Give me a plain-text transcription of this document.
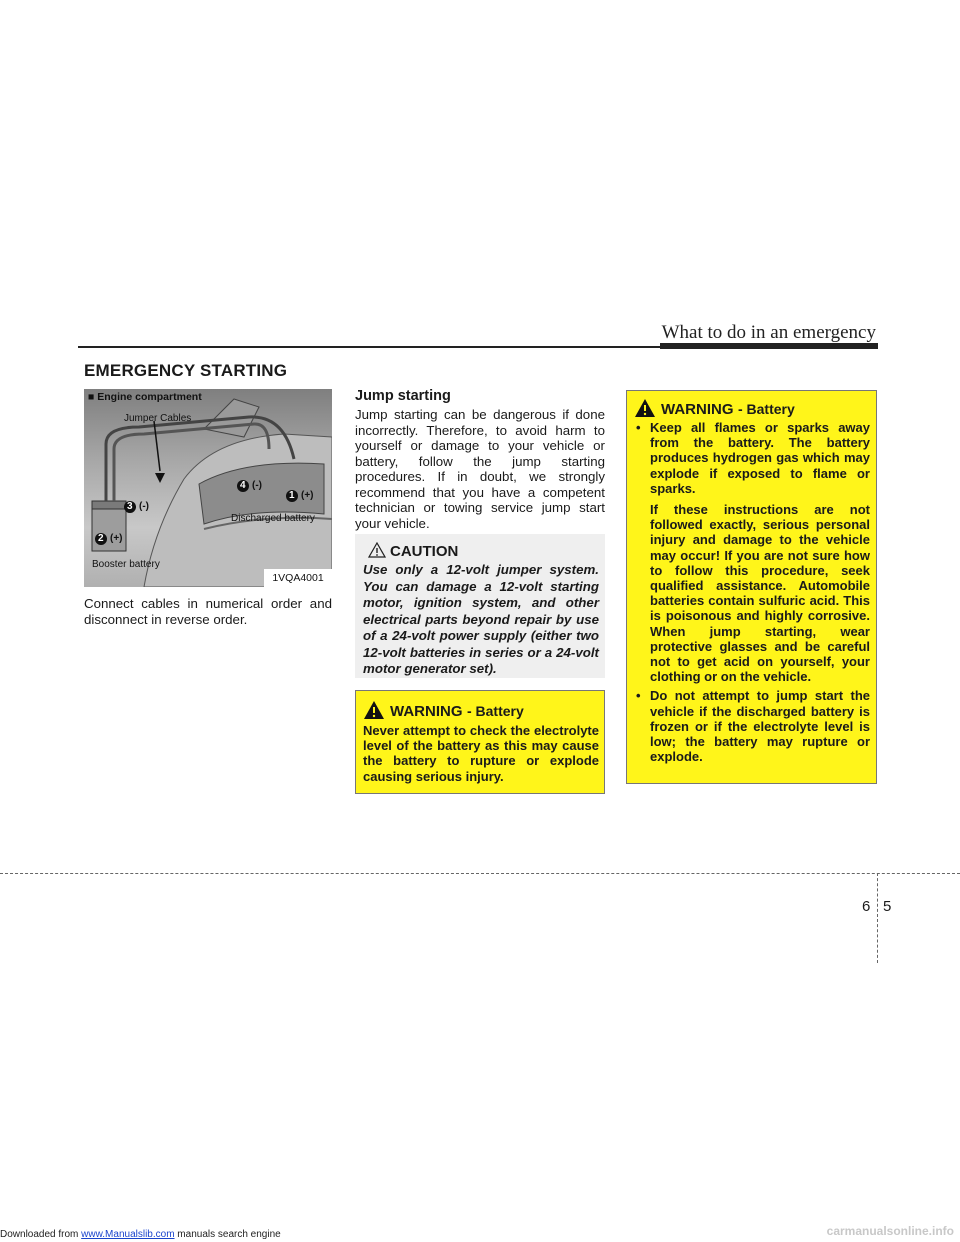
What to do in an emergency
EMERGENCY STARTING
■ Engine compartment
Jumper Cables
Discharged battery
Booster battery
1 (+)
2 (+)
3 (-)
4 (-)
1VQA4001
Connect cables in numerical order and disconnect in reverse order.
Jump starting
Jump starting can be dangerous if done incorrectly. Therefore, to avoid harm to yourself or damage to your vehicle or battery, follow the jump starting procedures. If in doubt, we strongly recommend that you have a competent technician or towing service jump start your vehicle.
CAUTION
Use only a 12-volt jumper system. You can damage a 12-volt starting motor, ignition system, and other electrical parts beyond repair by use of a 24-volt power supply (either two 12-volt batteries in series or a 24-volt motor generator set).
WARNING - Battery
Never attempt to check the electrolyte level of the battery as this may cause the battery to rupture or explode causing serious injury.
WARNING - Battery
• Keep all flames or sparks away from the battery. The battery produces hydrogen gas which may explode if exposed to flame or sparks.
If these instructions are not followed exactly, serious personal injury and damage to the vehicle may occur! If you are not sure how to follow this procedure, seek qualified assistance. Automobile batteries contain sulfuric acid. This is poisonous and highly corrosive. When jump starting, wear protective glasses and be careful not to get acid on yourself, your clothing or on the vehicle.
• Do not attempt to jump start the vehicle if the discharged battery is frozen or if the electrolyte level is low; the battery may rupture or explode.
6 5
Downloaded from www.Manualslib.com manuals search engine	carmanualsonline.info
